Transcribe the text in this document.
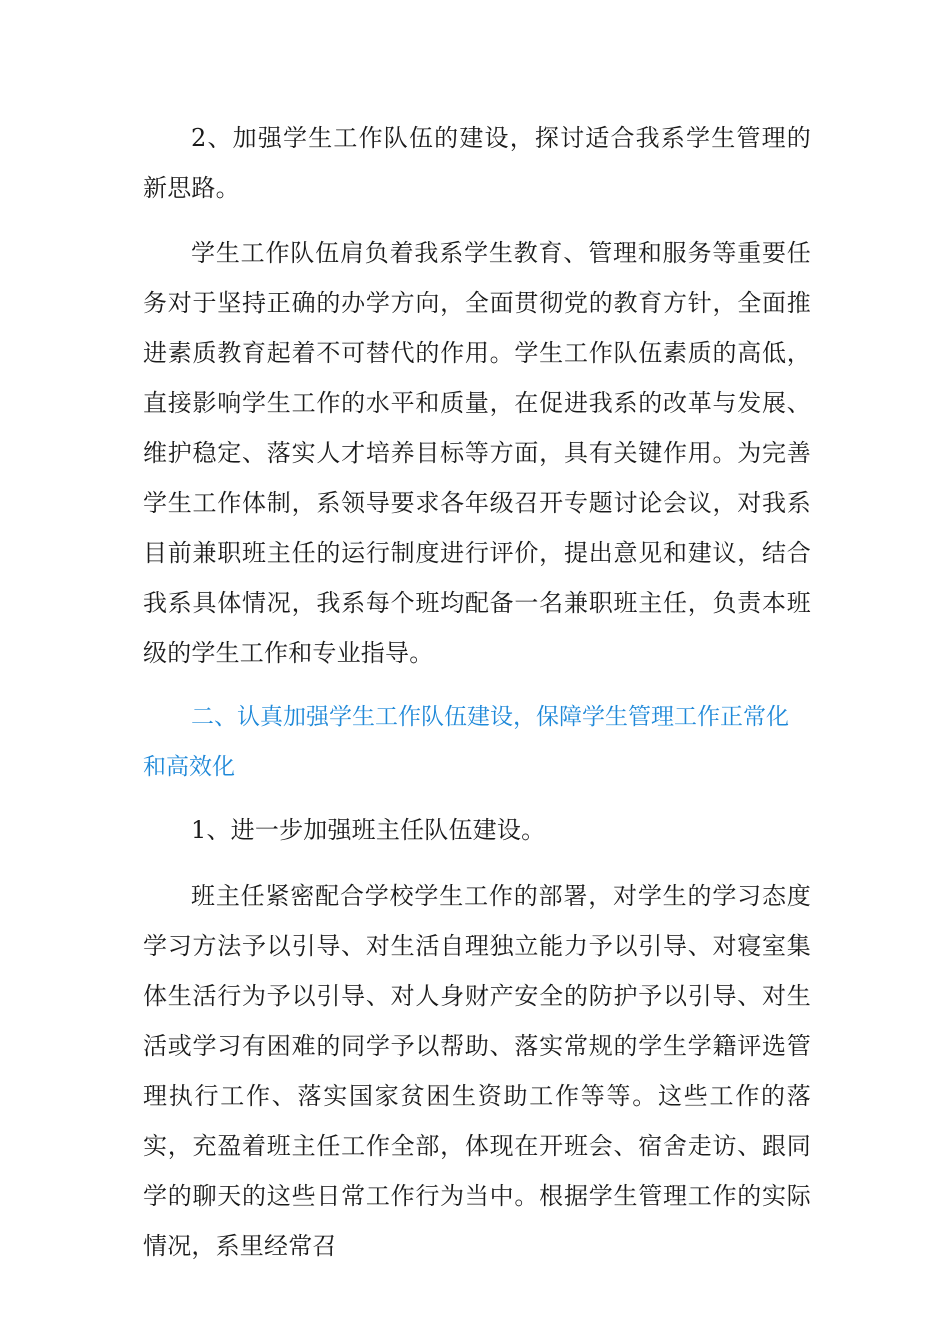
2、加强学生工作队伍的建设，探讨适合我系学生管理的新思路。

学生工作队伍肩负着我系学生教育、管理和服务等重要任务对于坚持正确的办学方向，全面贯彻党的教育方针，全面推进素质教育起着不可替代的作用。学生工作队伍素质的高低，直接影响学生工作的水平和质量，在促进我系的改革与发展、维护稳定、落实人才培养目标等方面，具有关键作用。为完善学生工作体制，系领导要求各年级召开专题讨论会议，对我系目前兼职班主任的运行制度进行评价，提出意见和建议，结合我系具体情况，我系每个班均配备一名兼职班主任，负责本班级的学生工作和专业指导。

二、认真加强学生工作队伍建设，保障学生管理工作正常化和高效化

1、进一步加强班主任队伍建设。

班主任紧密配合学校学生工作的部署，对学生的学习态度学习方法予以引导、对生活自理独立能力予以引导、对寝室集体生活行为予以引导、对人身财产安全的防护予以引导、对生活或学习有困难的同学予以帮助、落实常规的学生学籍评选管理执行工作、落实国家贫困生资助工作等等。这些工作的落实，充盈着班主任工作全部，体现在开班会、宿舍走访、跟同学的聊天的这些日常工作行为当中。根据学生管理工作的实际情况，系里经常召
